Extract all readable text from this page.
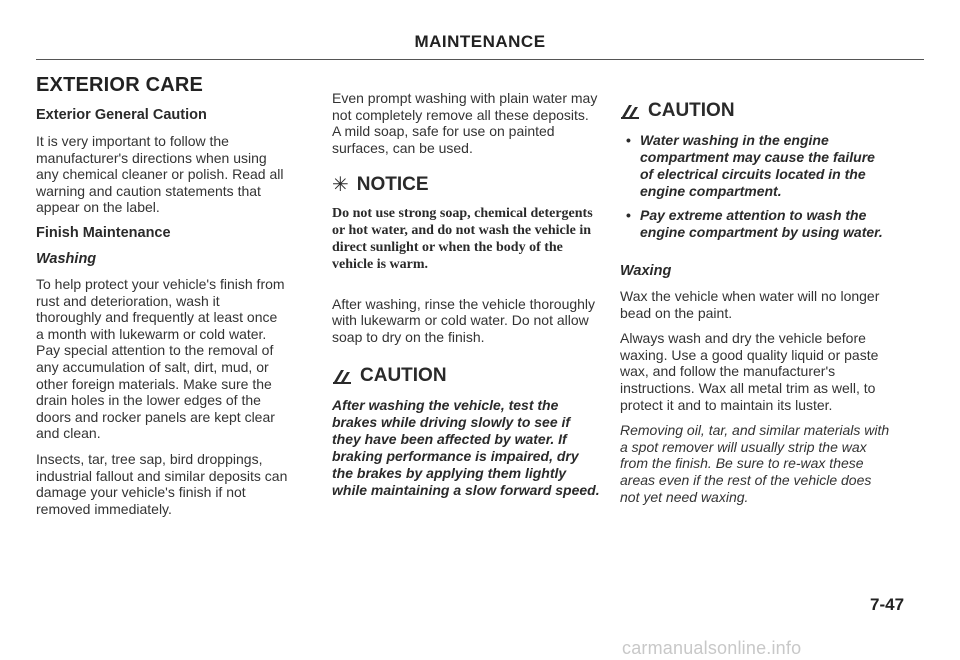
MAINTENANCE
EXTERIOR CARE
Exterior General Caution

It is very important to follow the manufacturer's directions when using any chemical cleaner or polish. Read all warning and caution statements that appear on the label.

Finish Maintenance
Washing

To help protect your vehicle's finish from rust and deterioration, wash it thoroughly and frequently at least once a month with lukewarm or cold water. Pay special attention to the removal of any accumulation of salt, dirt, mud, or other foreign materials. Make sure the drain holes in the lower edges of the doors and rocker panels are kept clear and clean.

Insects, tar, tree sap, bird droppings, industrial fallout and similar deposits can damage your vehicle's finish if not removed immediately.

Even prompt washing with plain water may not completely remove all these deposits. A mild soap, safe for use on painted surfaces, can be used.

✳ NOTICE

Do not use strong soap, chemical detergents or hot water, and do not wash the vehicle in direct sunlight or when the body of the vehicle is warm.

After washing, rinse the vehicle thoroughly with lukewarm or cold water. Do not allow soap to dry on the finish.

CAUTION

After washing the vehicle, test the brakes while driving slowly to see if they have been affected by water. If braking performance is impaired, dry the brakes by applying them lightly while maintaining a slow forward speed.

CAUTION
• Water washing in the engine compartment may cause the failure of electrical circuits located in the engine compartment.
• Pay extreme attention to wash the engine compartment by using water.
Waxing

Wax the vehicle when water will no longer bead on the paint.

Always wash and dry the vehicle before waxing. Use a good quality liquid or paste wax, and follow the manufacturer's instructions. Wax all metal trim as well, to protect it and to maintain its luster.

Removing oil, tar, and similar materials with a spot remover will usually strip the wax from the finish. Be sure to re-wax these areas even if the rest of the vehicle does not yet need waxing.

7-47
carmanualsonline.info
